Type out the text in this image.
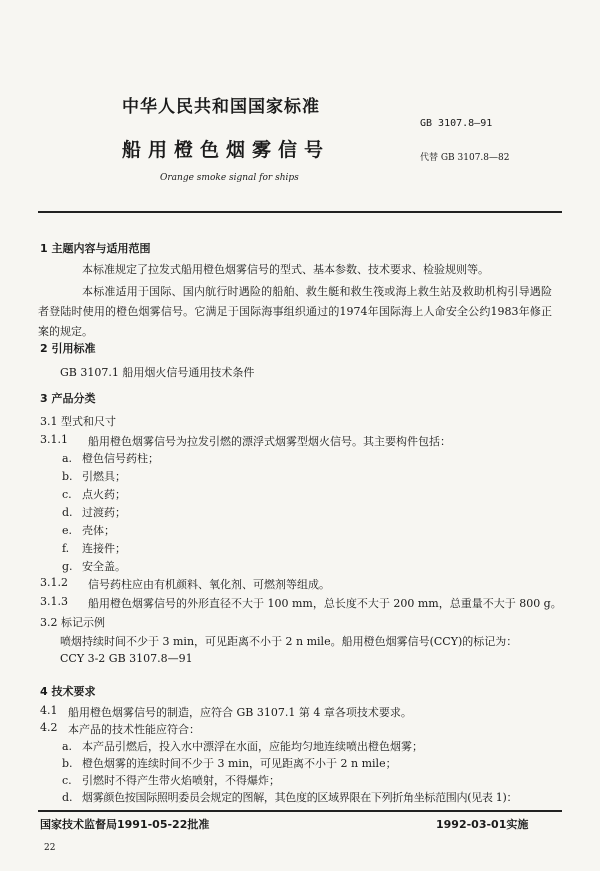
中华人民共和国国家标准
GB 3107.8—91
船用橙色烟雾信号	代替 GB 3107.8—82
Orange smoke signal for ships
1 主题内容与适用范围
本标准规定了拉发式船用橙色烟雾信号的型式、基本参数、技术要求、检验规则等。
本标准适用于国际、国内航行时遇险的船舶、救生艇和救生筏或海上救生站及救助机构引导遇险者登陆时使用的橙色烟雾信号。它满足于国际海事组织通过的1974年国际海上人命安全公约1983年修正案的规定。
2 引用标准
GB 3107.1 船用烟火信号通用技术条件
3 产品分类
3.1 型式和尺寸
3.1.1 船用橙色烟雾信号为拉发引燃的漂浮式烟雾型烟火信号。其主要构件包括：
a. 橙色信号药柱；
b. 引燃具；
c. 点火药；
d. 过渡药；
e. 壳体；
f. 连接件；
g. 安全盖。
3.1.2 信号药柱应由有机颜料、氧化剂、可燃剂等组成。
3.1.3 船用橙色烟雾信号的外形直径不大于 100 mm，总长度不大于 200 mm，总重量不大于 800 g。
3.2 标记示例
喷烟持续时间不少于 3 min，可见距离不小于 2 n mile。船用橙色烟雾信号(CCY)的标记为：
CCY 3-2 GB 3107.8—91
4 技术要求
4.1 船用橙色烟雾信号的制造，应符合 GB 3107.1 第 4 章各项技术要求。
4.2 本产品的技术性能应符合：
a. 本产品引燃后，投入水中漂浮在水面，应能均匀地连续喷出橙色烟雾；
b. 橙色烟雾的连续时间不少于 3 min，可见距离不小于 2 n mile；
c. 引燃时不得产生带火焰喷射，不得爆炸；
d. 烟雾颜色按国际照明委员会规定的图解，其色度的区域界限在下列折角坐标范围内(见表 1)：
国家技术监督局1991-05-22批准	1992-03-01实施
22
